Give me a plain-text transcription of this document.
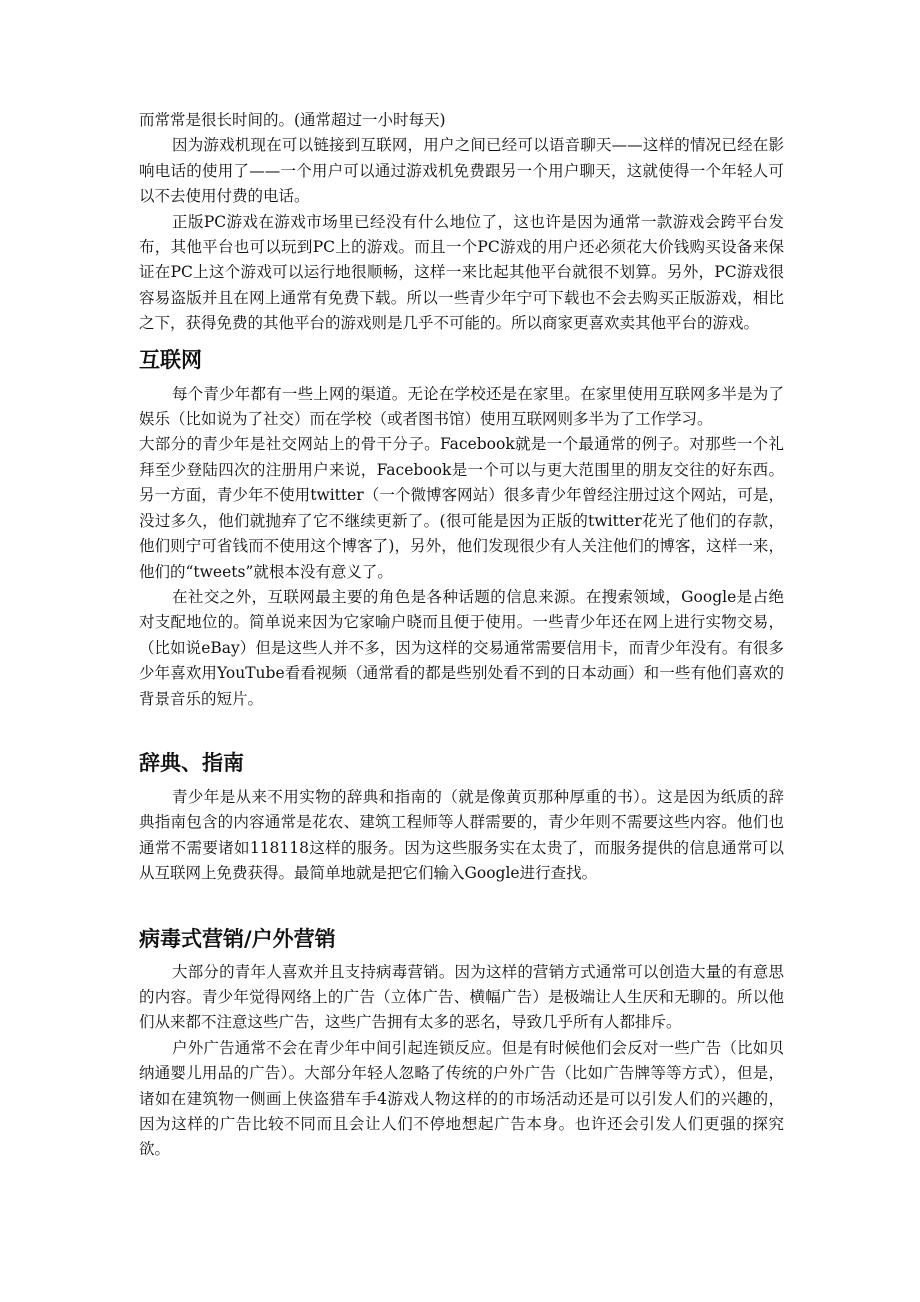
而常常是很长时间的。(通常超过一小时每天)

因为游戏机现在可以链接到互联网，用户之间已经可以语音聊天——这样的情况已经在影响电话的使用了——一个用户可以通过游戏机免费跟另一个用户聊天，这就使得一个年轻人可以不去使用付费的电话。

正版PC游戏在游戏市场里已经没有什么地位了，这也许是因为通常一款游戏会跨平台发布，其他平台也可以玩到PC上的游戏。而且一个PC游戏的用户还必须花大价钱购买设备来保证在PC上这个游戏可以运行地很顺畅，这样一来比起其他平台就很不划算。另外，PC游戏很容易盗版并且在网上通常有免费下载。所以一些青少年宁可下载也不会去购买正版游戏，相比之下，获得免费的其他平台的游戏则是几乎不可能的。所以商家更喜欢卖其他平台的游戏。

互联网

每个青少年都有一些上网的渠道。无论在学校还是在家里。在家里使用互联网多半是为了娱乐（比如说为了社交）而在学校（或者图书馆）使用互联网则多半为了工作学习。

大部分的青少年是社交网站上的骨干分子。Facebook就是一个最通常的例子。对那些一个礼拜至少登陆四次的注册用户来说，Facebook是一个可以与更大范围里的朋友交往的好东西。另一方面，青少年不使用twitter（一个微博客网站）很多青少年曾经注册过这个网站，可是，没过多久，他们就抛弃了它不继续更新了。(很可能是因为正版的twitter花光了他们的存款，他们则宁可省钱而不使用这个博客了)，另外，他们发现很少有人关注他们的博客，这样一来，他们的“tweets”就根本没有意义了。

在社交之外，互联网最主要的角色是各种话题的信息来源。在搜索领域，Google是占绝对支配地位的。简单说来因为它家喻户晓而且便于使用。一些青少年还在网上进行实物交易，（比如说eBay）但是这些人并不多，因为这样的交易通常需要信用卡，而青少年没有。有很多少年喜欢用YouTube看看视频（通常看的都是些别处看不到的日本动画）和一些有他们喜欢的背景音乐的短片。

辞典、指南

青少年是从来不用实物的辞典和指南的（就是像黄页那种厚重的书）。这是因为纸质的辞典指南包含的内容通常是花农、建筑工程师等人群需要的，青少年则不需要这些内容。他们也通常不需要诸如118118这样的服务。因为这些服务实在太贵了，而服务提供的信息通常可以从互联网上免费获得。最简单地就是把它们输入Google进行查找。

病毒式营销/户外营销

大部分的青年人喜欢并且支持病毒营销。因为这样的营销方式通常可以创造大量的有意思的内容。青少年觉得网络上的广告（立体广告、横幅广告）是极端让人生厌和无聊的。所以他们从来都不注意这些广告，这些广告拥有太多的恶名，导致几乎所有人都排斥。

户外广告通常不会在青少年中间引起连锁反应。但是有时候他们会反对一些广告（比如贝纳通婴儿用品的广告）。大部分年轻人忽略了传统的户外广告（比如广告牌等等方式），但是，诸如在建筑物一侧画上侠盗猎车手4游戏人物这样的的市场活动还是可以引发人们的兴趣的，因为这样的广告比较不同而且会让人们不停地想起广告本身。也许还会引发人们更强的探究欲。
